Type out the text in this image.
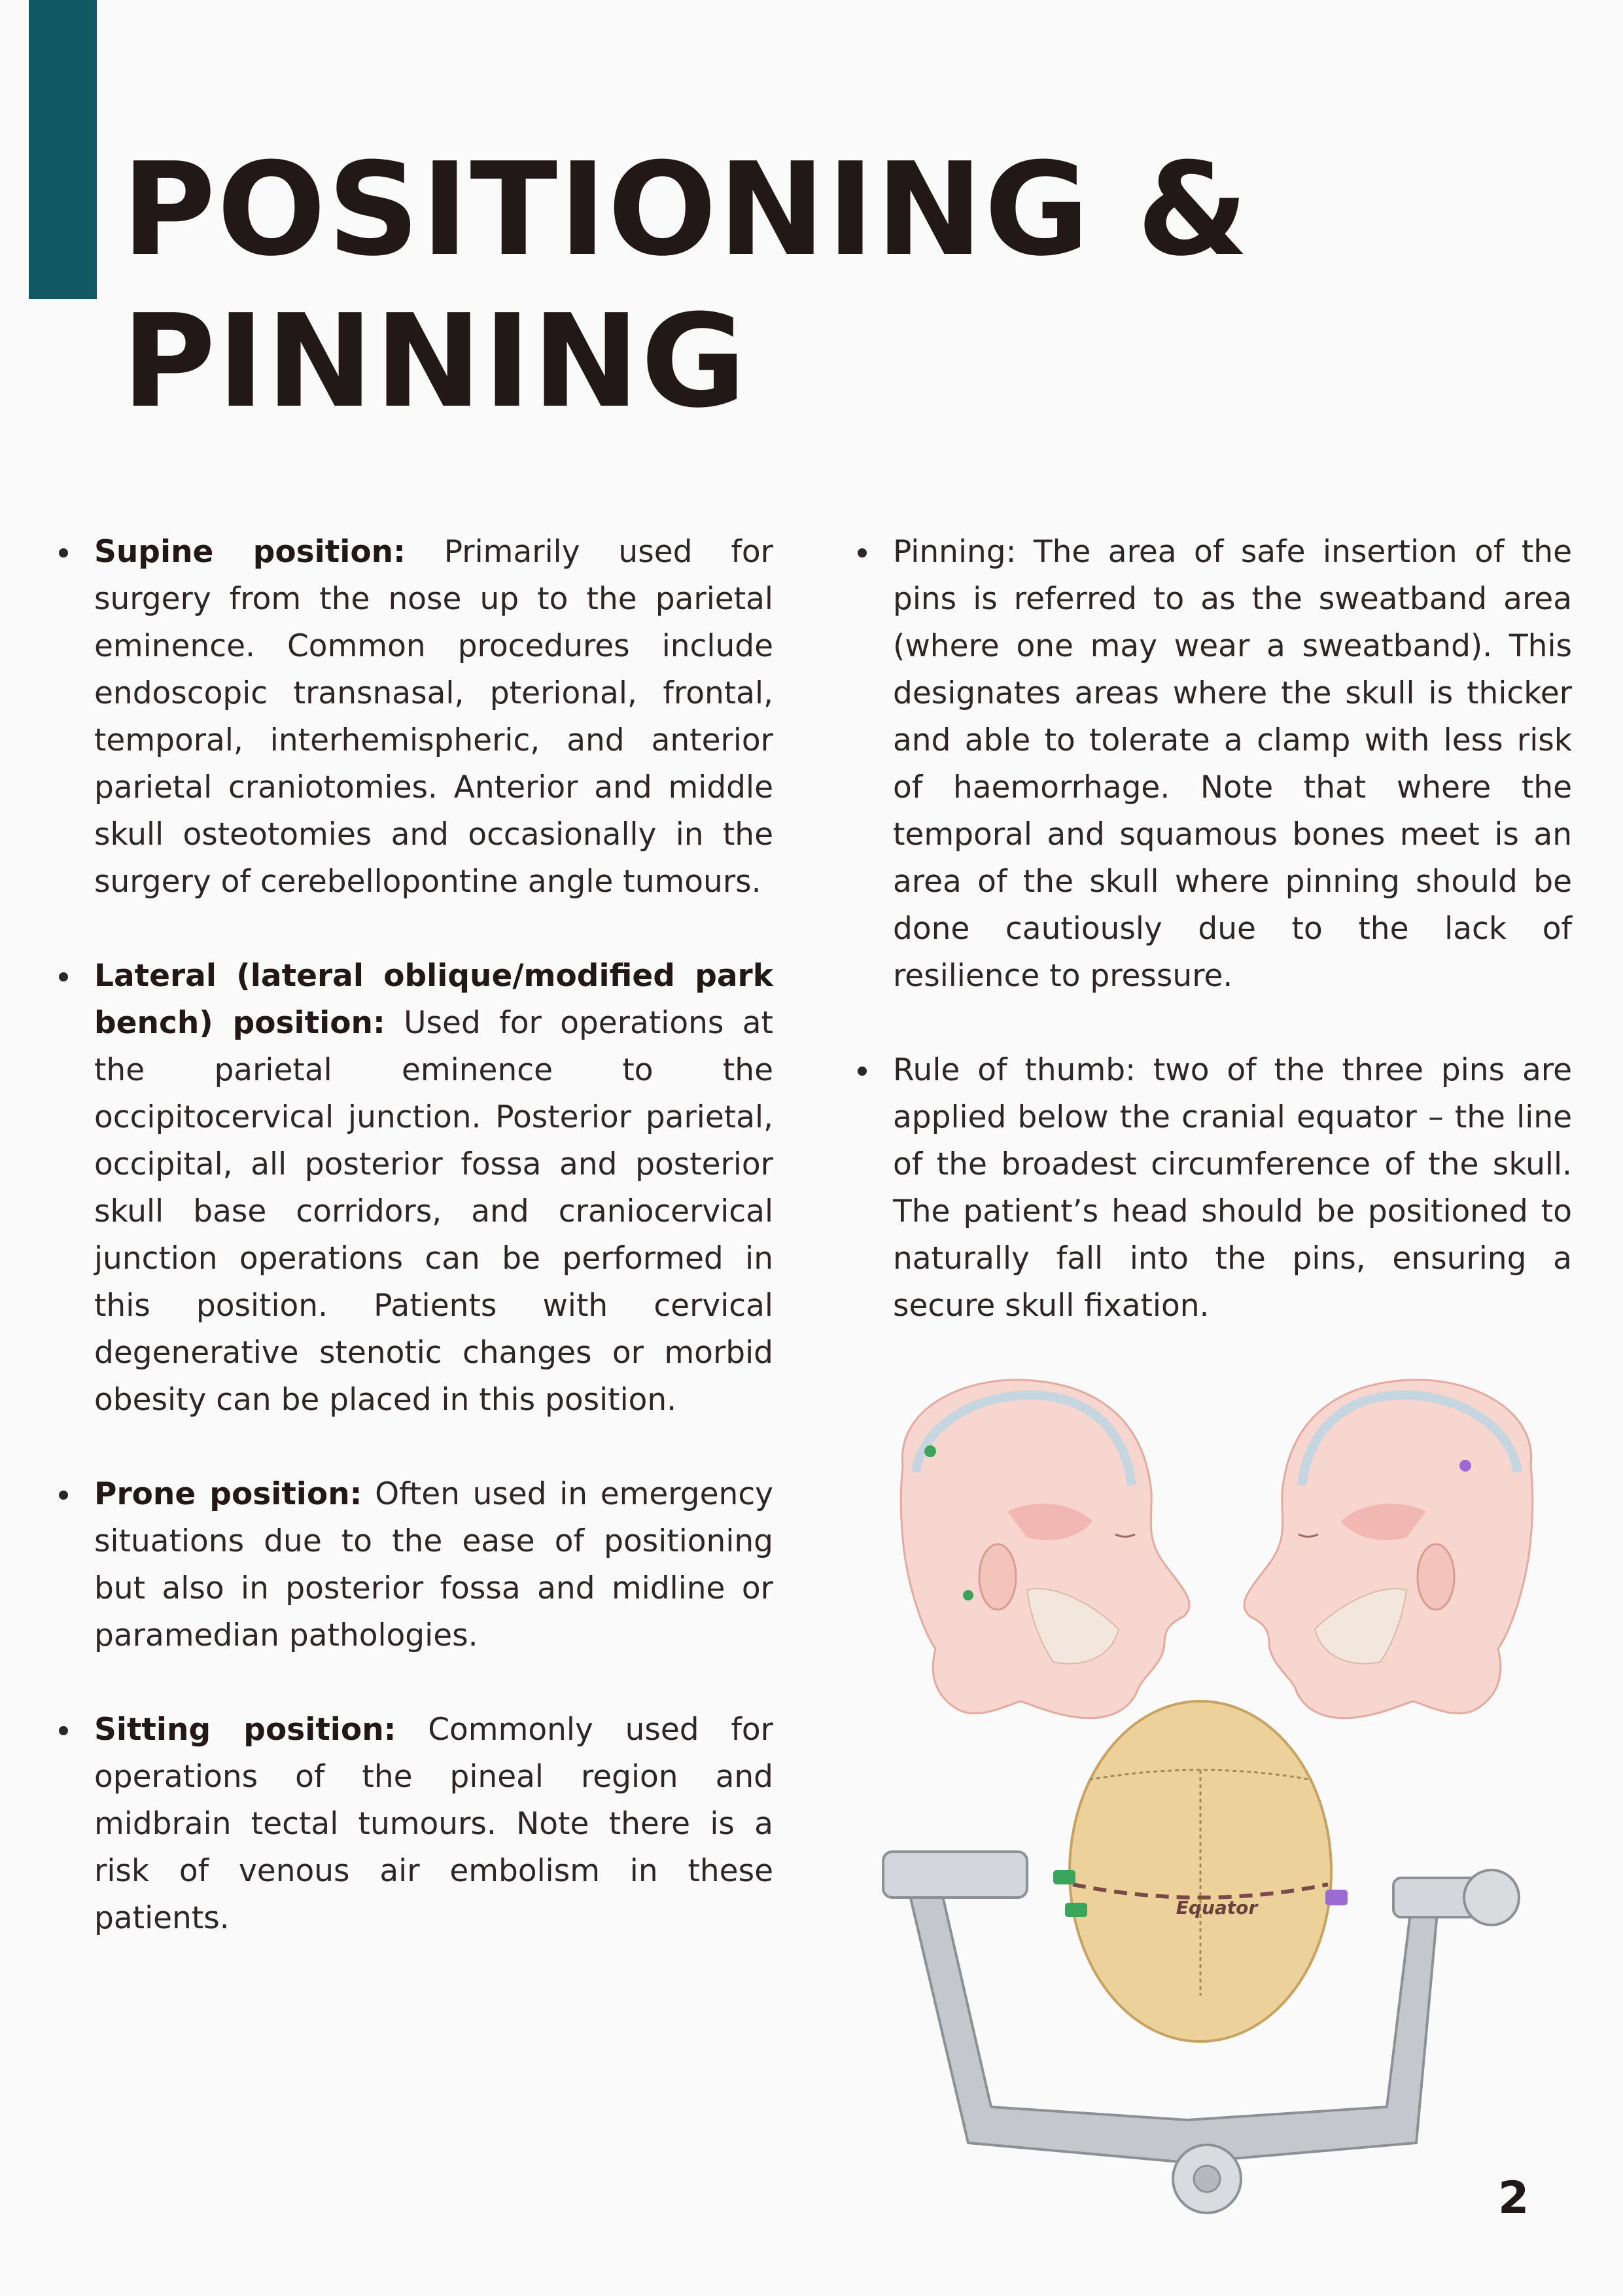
POSITIONING &
PINNING
Supine position: Primarily used for surgery from the nose up to the parietal eminence. Common procedures include endoscopic transnasal, pterional, frontal, temporal, interhemispheric, and anterior parietal craniotomies. Anterior and middle skull osteotomies and occasionally in the surgery of cerebellopontine angle tumours.
Lateral (lateral oblique/modified park bench) position: Used for operations at the parietal eminence to the occipitocervical junction. Posterior parietal, occipital, all posterior fossa and posterior skull base corridors, and craniocervical junction operations can be performed in this position. Patients with cervical degenerative stenotic changes or morbid obesity can be placed in this position.
Prone position: Often used in emergency situations due to the ease of positioning but also in posterior fossa and midline or paramedian pathologies.
Sitting position: Commonly used for operations of the pineal region and midbrain tectal tumours. Note there is a risk of venous air embolism in these patients.
Pinning: The area of safe insertion of the pins is referred to as the sweatband area (where one may wear a sweatband). This designates areas where the skull is thicker and able to tolerate a clamp with less risk of haemorrhage. Note that where the temporal and squamous bones meet is an area of the skull where pinning should be done cautiously due to the lack of resilience to pressure.
Rule of thumb: two of the three pins are applied below the cranial equator – the line of the broadest circumference of the skull. The patient’s head should be positioned to naturally fall into the pins, ensuring a secure skull fixation.
Equator
2
